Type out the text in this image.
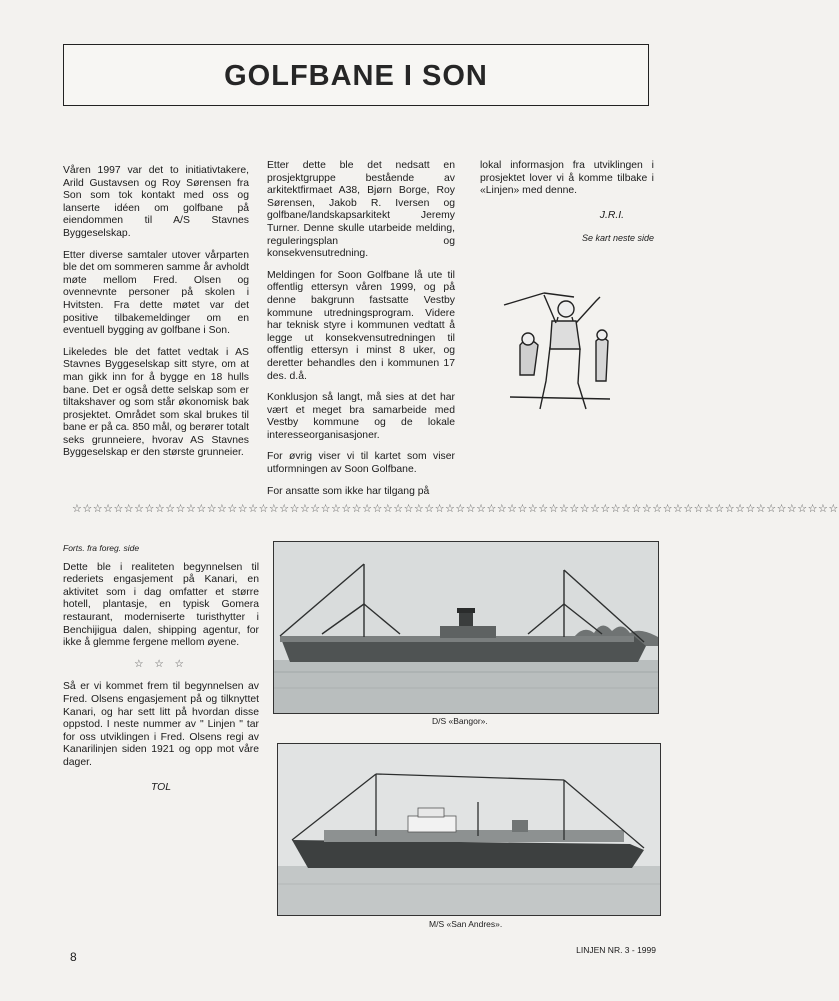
GOLFBANE I SON

Våren 1997 var det to initiativtakere, Arild Gustavsen og Roy Sørensen fra Son som tok kontakt med oss og lanserte idéen om golfbane på eiendommen til A/S Stavnes Byggeselskap.

Etter diverse samtaler utover vårparten ble det om sommeren samme år avholdt møte mellom Fred. Olsen og ovennevnte personer på skolen i Hvitsten. Fra dette møtet var det positive tilbakemeldinger om en eventuell bygging av golfbane i Son.

Likeledes ble det fattet vedtak i AS Stavnes Byggeselskap sitt styre, om at man gikk inn for å bygge en 18 hulls bane. Det er også dette selskap som er tiltakshaver og som står økonomisk bak prosjektet. Området som skal brukes til bane er på ca. 850 mål, og berører totalt seks grunneiere, hvorav AS Stavnes Byggeselskap er den største grunneier.

Etter dette ble det nedsatt en prosjektgruppe bestående av arkitektfirmaet A38, Bjørn Borge, Roy Sørensen, Jakob R. Iversen og golfbane/landskapsarkitekt Jeremy Turner. Denne skulle utarbeide melding, reguleringsplan og konsekvensutredning.

Meldingen for Soon Golfbane lå ute til offentlig ettersyn våren 1999, og på denne bakgrunn fastsatte Vestby kommune utredningsprogram. Videre har teknisk styre i kommunen vedtatt å legge ut konsekvensutredningen til offentlig ettersyn i minst 8 uker, og deretter behandles den i kommunen 17 des. d.å.

Konklusjon så langt, må sies at det har vært et meget bra samarbeide med Vestby kommune og de lokale interesseorganisasjoner.

For øvrig viser vi til kartet som viser utformningen av Soon Golfbane.

For ansatte som ikke har tilgang på

lokal informasjon fra utviklingen i prosjektet lover vi å komme tilbake i «Linjen» med denne.

J.R.I.
Se kart neste side
☆☆☆☆☆☆☆☆☆☆☆☆☆☆☆☆☆☆☆☆☆☆☆☆☆☆☆☆☆☆☆☆☆☆☆☆☆☆☆☆☆☆☆☆☆☆☆☆☆☆☆☆☆☆☆☆☆☆☆☆☆☆☆☆☆☆☆☆☆☆☆☆☆☆
Forts. fra foreg. side

Dette ble i realiteten begynnelsen til rederiets engasjement på Kanari, en aktivitet som i dag omfatter et større hotell, plantasje, en typisk Gomera restaurant, moderniserte turisthytter i Benchijigua dalen, shipping agentur, for ikke å glemme fergene mellom øyene.

☆ ☆ ☆

Så er vi kommet frem til begynnelsen av Fred. Olsens engasjement på og tilknyttet Kanari, og har sett litt på hvordan disse oppstod. I neste nummer av " Linjen " tar for oss utviklingen i Fred. Olsens regi av Kanarilinjen siden 1921 og opp mot våre dager.

TOL
D/S «Bangor».
M/S «San Andres».
8	LINJEN NR. 3 - 1999
